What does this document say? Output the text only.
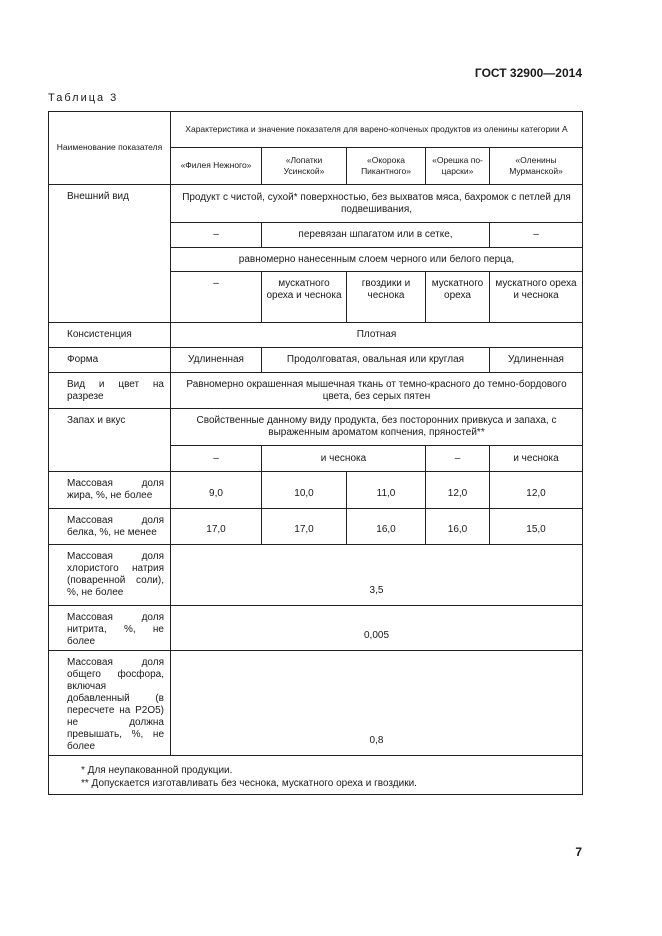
ГОСТ 32900—2014
Таблица 3
Наименование показателя	Характеристика и значение показателя для варено-копченых продуктов из оленины категории А				
	«Филея Нежного»	«Лопатки Усинской»	«Окорока Пикантного»	«Орешка по-царски»	«Оленины Мурманской»
Внешний вид	Продукт с чистой, сухой* поверхностью, без выхватов мяса, бахромок с петлей для подвешивания,				
	–	перевязан шпагатом или в сетке,			–
	равномерно нанесенным слоем черного или белого перца,				
	–	мускатного ореха и чеснока	гвоздики и чеснока	мускатного ореха	мускатного ореха и чеснока
Консистенция	Плотная				
Форма	Удлиненная	Продолговатая, овальная или круглая			Удлиненная
Вид и цвет на разрезе	Равномерно окрашенная мышечная ткань от темно-красного до темно-бордового цвета, без серых пятен				
Запах и вкус	Свойственные данному виду продукта, без посторонних привкуса и запаха, с выраженным ароматом копчения, пряностей**				
	–	и чеснока		–	и чеснока
Массовая доля жира, %, не более	9,0	10,0	11,0	12,0	12,0
Массовая доля белка, %, не менее	17,0	17,0	16,0	16,0	15,0
Массовая доля хлористого натрия (поваренной соли), %, не более	3,5				
Массовая доля нитрита, %, не более	0,005				
Массовая доля общего фосфора, включая добавленный (в пересчете на P2O5) не должна превышать, %, не более	0,8				

* Для неупакованной продукции.
** Допускается изготавливать без чеснока, мускатного ореха и гвоздики.					
7
